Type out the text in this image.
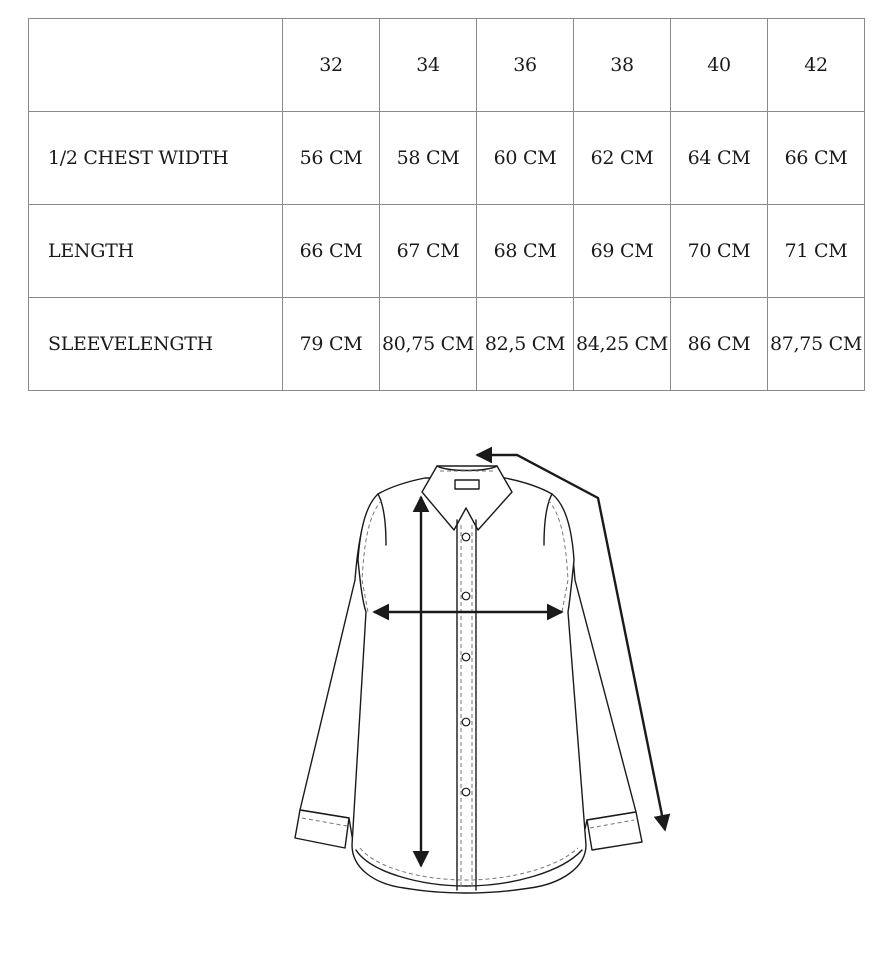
	32	34	36	38	40	42
1/2 CHEST WIDTH	56 CM	58 CM	60 CM	62 CM	64 CM	66 CM
LENGTH	66 CM	67 CM	68 CM	69 CM	70 CM	71 CM
SLEEVELENGTH	79 CM	80,75 CM	82,5 CM	84,25 CM	86 CM	87,75 CM
